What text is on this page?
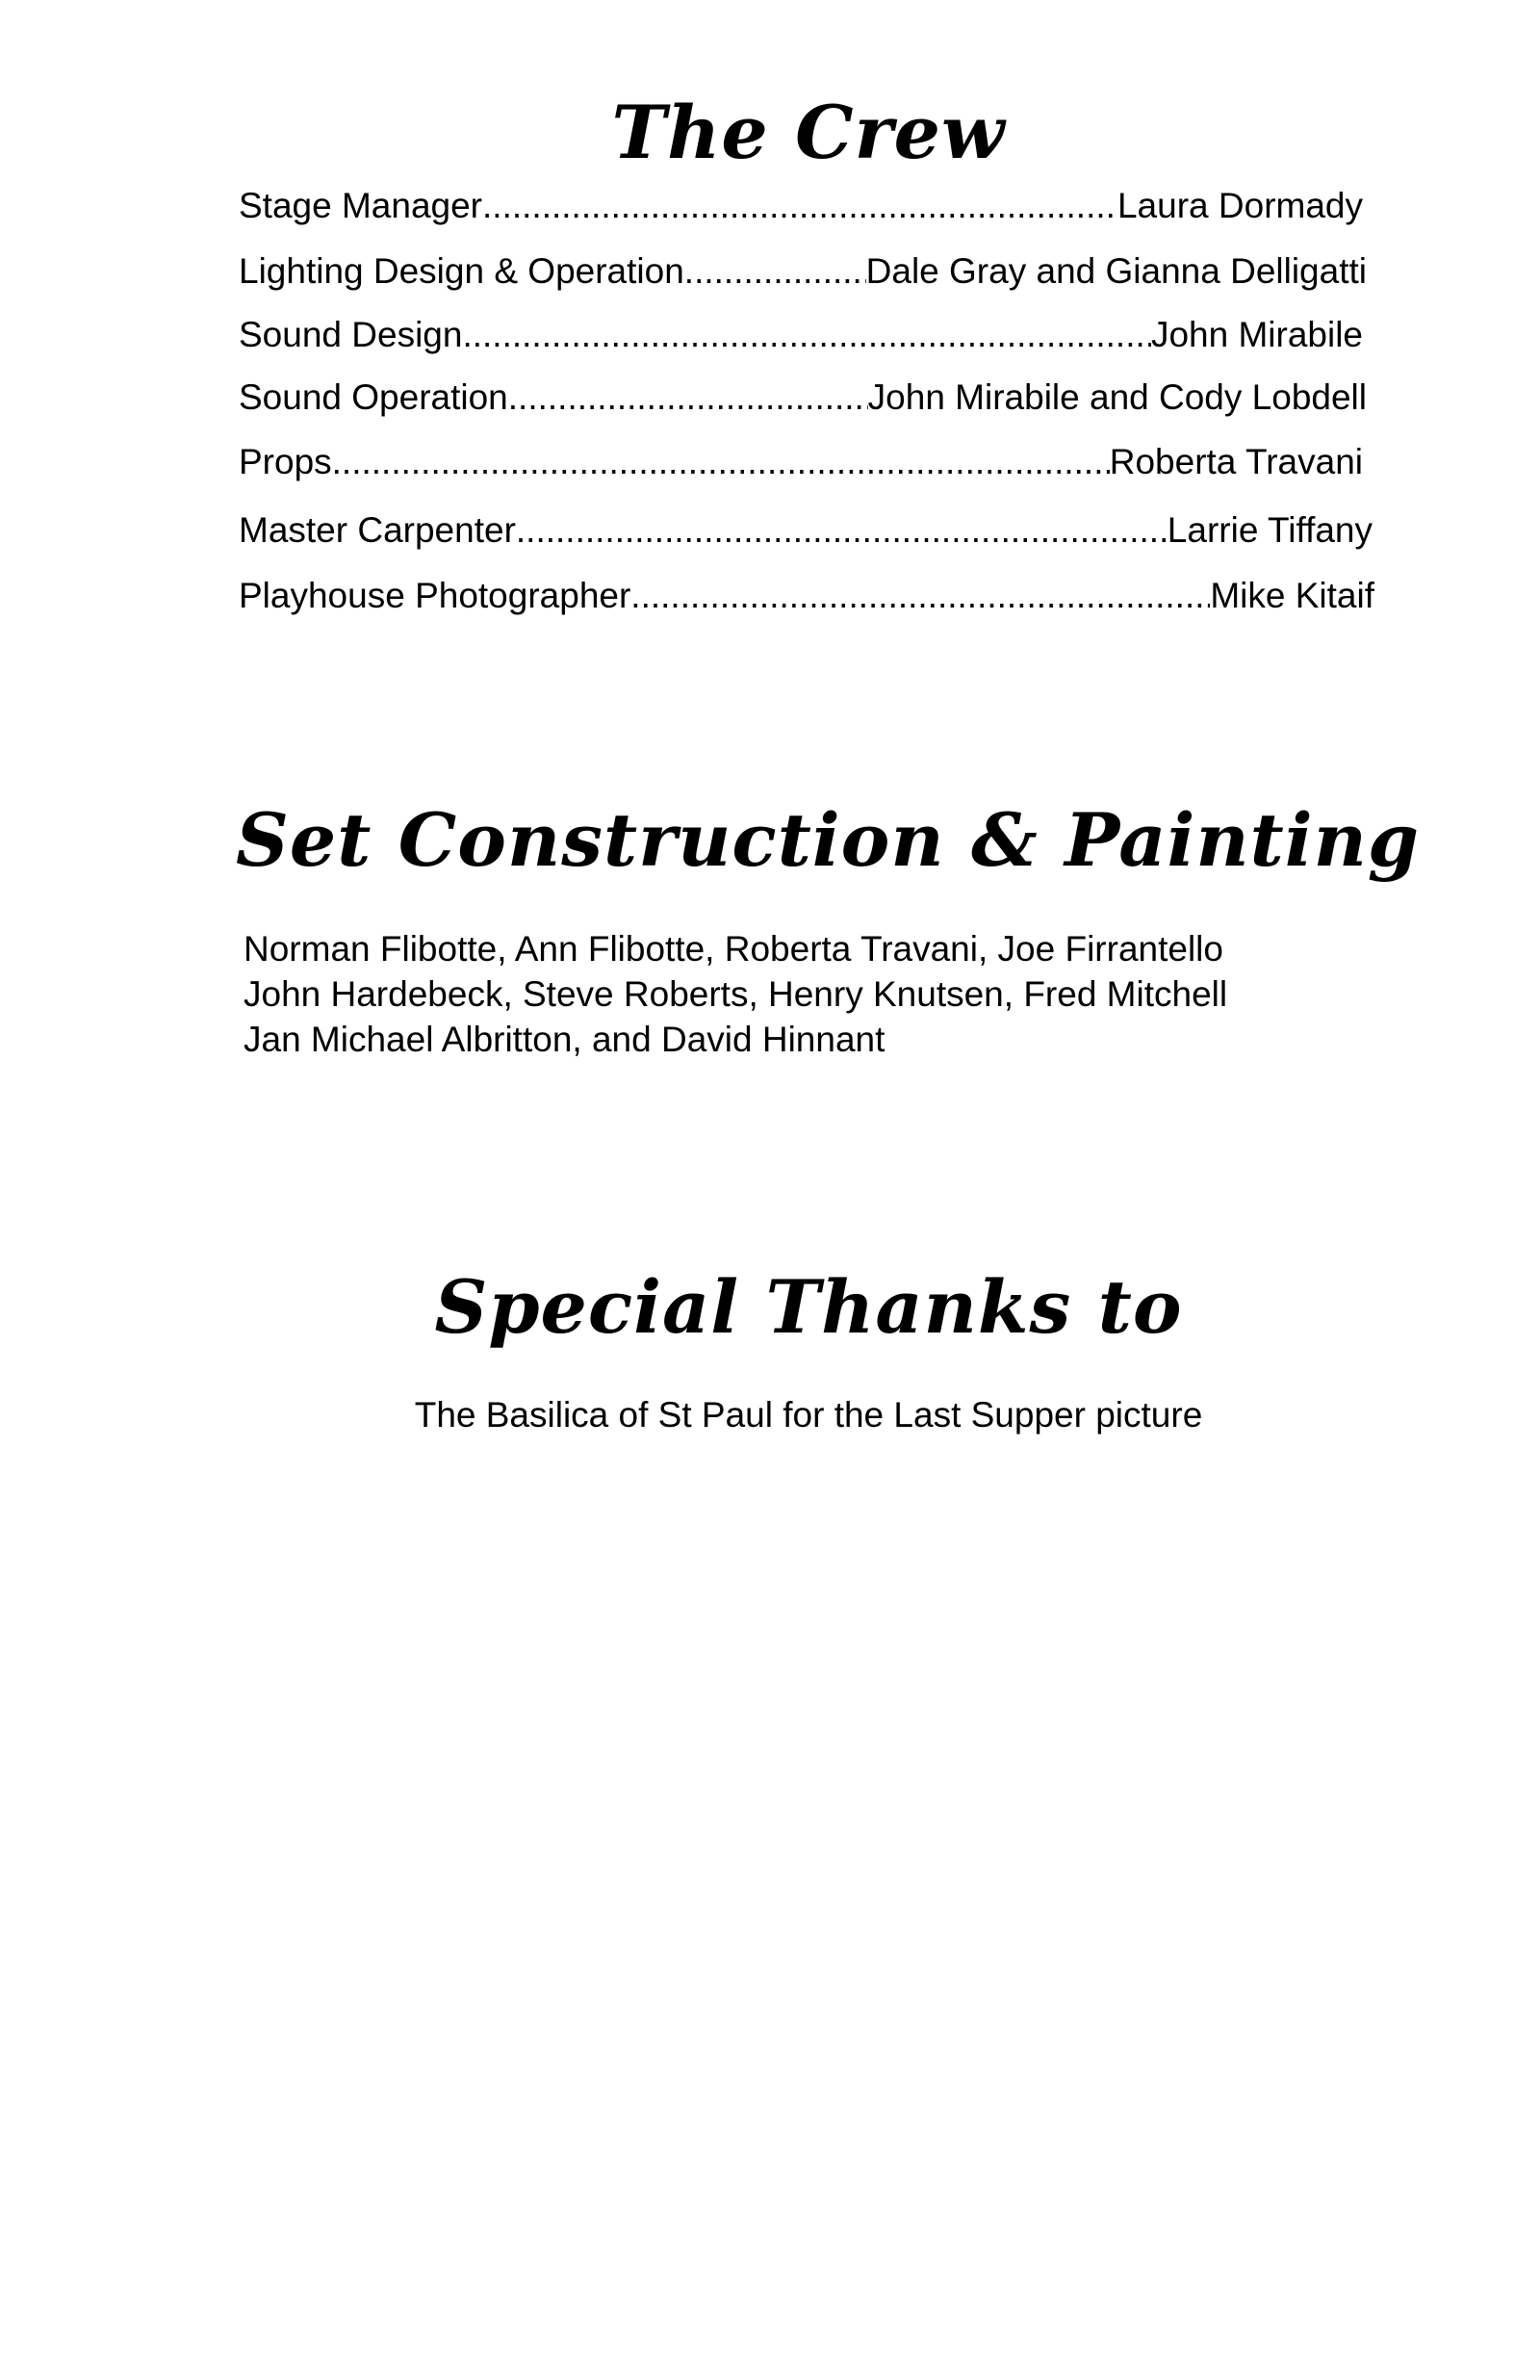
The Crew
Stage Manager .....	Laura Dormady
Lighting Design & Operation .....	Dale Gray and Gianna Delligatti
Sound Design .....	John Mirabile
Sound Operation .....	John Mirabile and Cody Lobdell
Props .....	Roberta Travani
Master Carpenter .....	Larrie Tiffany
Playhouse Photographer .....	Mike Kitaif
Set Construction & Painting
Norman Flibotte, Ann Flibotte, Roberta Travani, Joe Firrantello
John Hardebeck, Steve Roberts, Henry Knutsen, Fred Mitchell
Jan Michael Albritton, and David Hinnant
Special Thanks to
The Basilica of St Paul for the Last Supper picture
